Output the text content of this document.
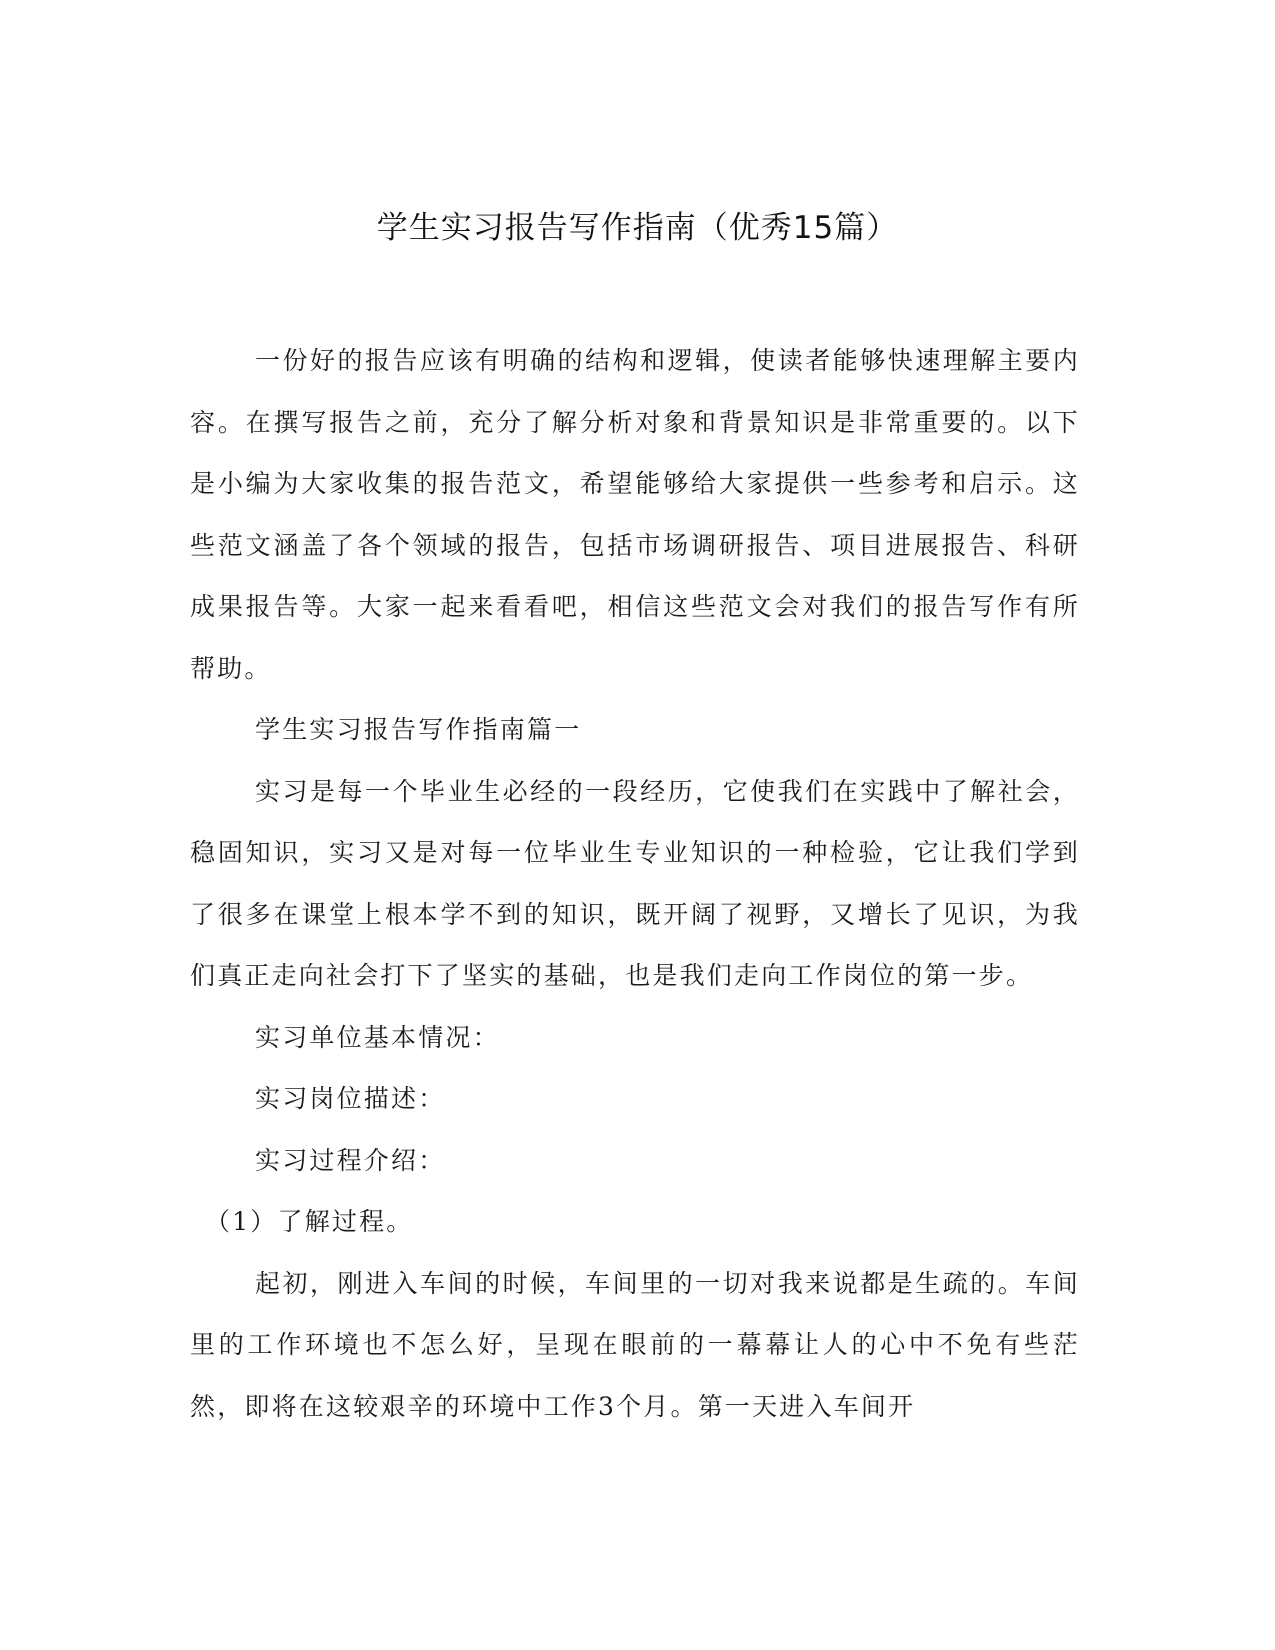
学生实习报告写作指南（优秀15篇）

一份好的报告应该有明确的结构和逻辑，使读者能够快速理解主要内容。在撰写报告之前，充分了解分析对象和背景知识是非常重要的。以下是小编为大家收集的报告范文，希望能够给大家提供一些参考和启示。这些范文涵盖了各个领域的报告，包括市场调研报告、项目进展报告、科研成果报告等。大家一起来看看吧，相信这些范文会对我们的报告写作有所帮助。

学生实习报告写作指南篇一

实习是每一个毕业生必经的一段经历，它使我们在实践中了解社会，稳固知识，实习又是对每一位毕业生专业知识的一种检验，它让我们学到了很多在课堂上根本学不到的知识，既开阔了视野，又增长了见识，为我们真正走向社会打下了坚实的基础，也是我们走向工作岗位的第一步。

实习单位基本情况：

实习岗位描述：

实习过程介绍：

（1）了解过程。

起初，刚进入车间的时候，车间里的一切对我来说都是生疏的。车间里的工作环境也不怎么好，呈现在眼前的一幕幕让人的心中不免有些茫然，即将在这较艰辛的环境中工作3个月。第一天进入车间开
